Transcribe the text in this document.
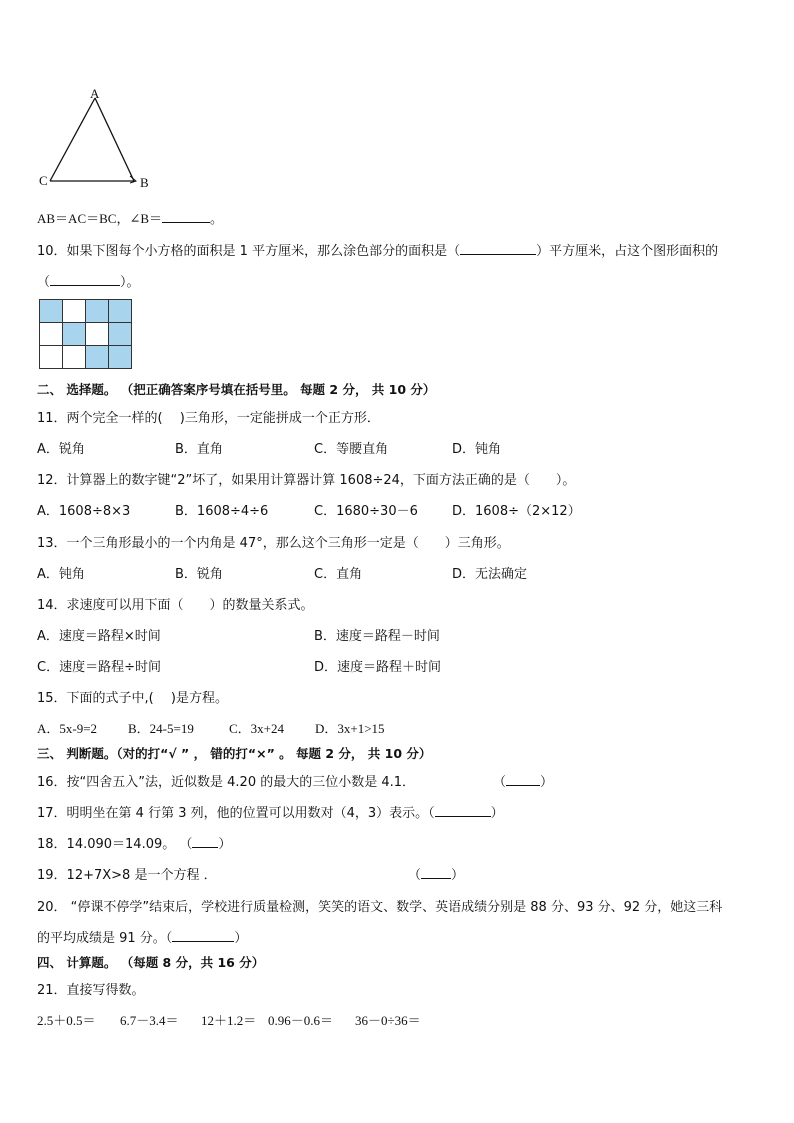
A
C	B
AB＝AC＝BC，∠B＝	。
10．如果下图每个小方格的面积是 1 平方厘米，那么涂色部分的面积是（	）平方厘米，占这个图形面积的
（	）。

二、 选择题。 （把正确答案序号填在括号里。 每题 2 分， 共 10 分）
11．两个完全一样的(　 )三角形，一定能拼成一个正方形．
A．锐角	B．直角	C．等腰直角	D．钝角
12．计算器上的数字键“2”坏了，如果用计算器计算 1608÷24，下面方法正确的是（　　）。
A．1608÷8×3	B．1608÷4÷6	C．1680÷30－6	D．1608÷（2×12）
13．一个三角形最小的一个内角是 47°，那么这个三角形一定是（　　）三角形。
A．钝角	B．锐角	C．直角	D．无法确定
14．求速度可以用下面（　　）的数量关系式。
A．速度＝路程×时间	B．速度＝路程－时间
C．速度＝路程÷时间	D．速度＝路程＋时间
15．下面的式子中,(　 )是方程。
A．5x-9=2 B．24-5=19	C．3x+24 D．3x+1>15
三、 判断题。（对的打“√ ” ， 错的打“×” 。 每题 2 分， 共 10 分）
16．按“四舍五入”法，近似数是 4.20 的最大的三位小数是 4.1．	（	）
17．明明坐在第 4 行第 3 列，他的位置可以用数对（4，3）表示。（	）
18．14.090＝14.09。 （ ）
19．12+7X>8 是一个方程 ．	（ ）
20． “停课不停学”结束后，学校进行质量检测，笑笑的语文、数学、英语成绩分别是 88 分、93 分、92 分，她这三科
的平均成绩是 91 分。（	）
四、 计算题。 （每题 8 分，共 16 分）
21．直接写得数。
2.5＋0.5＝ 6.7－3.4＝ 12＋1.2＝ 0.96－0.6＝ 36－0÷36＝
